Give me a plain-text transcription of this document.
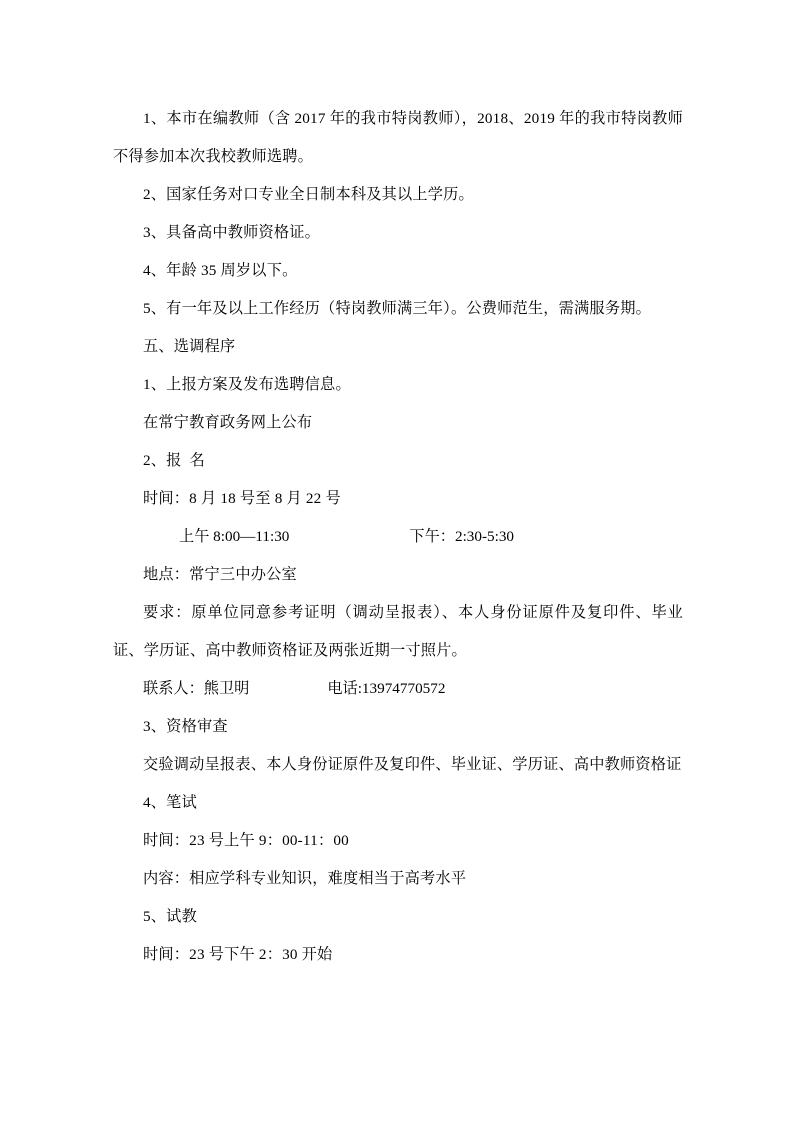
1、本市在编教师（含 2017 年的我市特岗教师），2018、2019 年的我市特岗教师不得参加本次我校教师选聘。

2、国家任务对口专业全日制本科及其以上学历。

3、具备高中教师资格证。

4、年龄 35 周岁以下。

5、有一年及以上工作经历（特岗教师满三年）。公费师范生，需满服务期。

五、选调程序

1、上报方案及发布选聘信息。

在常宁教育政务网上公布

2、报  名

时间：8 月 18 号至 8 月 22 号

上午 8:00—11:30	下午：2:30-5:30

地点：常宁三中办公室

要求：原单位同意参考证明（调动呈报表）、本人身份证原件及复印件、毕业证、学历证、高中教师资格证及两张近期一寸照片。

联系人：熊卫明	电话:13974770572

3、资格审查

交验调动呈报表、本人身份证原件及复印件、毕业证、学历证、高中教师资格证

4、笔试

时间：23 号上午 9：00-11：00

内容：相应学科专业知识，难度相当于高考水平

5、试教

时间：23 号下午 2：30 开始
